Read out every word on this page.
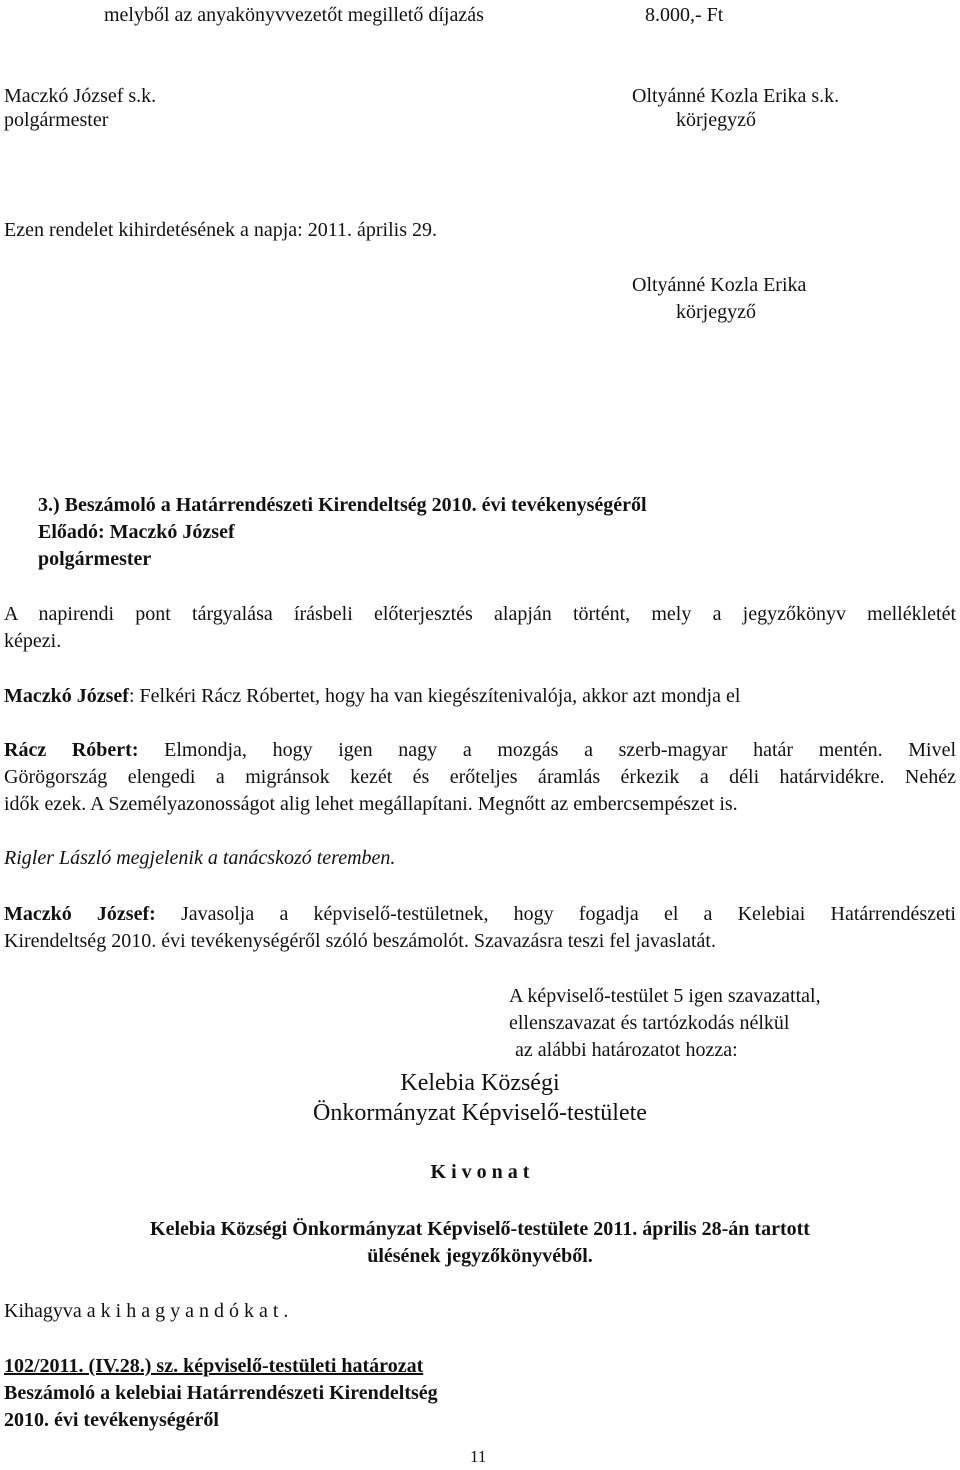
melyből az anyakönyvvezetőt megillető díjazás	8.000,- Ft
Maczkó József s.k.
polgármester
Oltyánné Kozla Erika s.k.
körjegyző
Ezen rendelet kihirdetésének a napja: 2011. április 29.
Oltyánné Kozla Erika
körjegyző
3.) Beszámoló a Határrendészeti Kirendeltség 2010. évi tevékenységéről
Előadó: Maczkó József
polgármester
A napirendi pont tárgyalása írásbeli előterjesztés alapján történt, mely a jegyzőkönyv mellékletét
képezi.
Maczkó József: Felkéri Rácz Róbertet, hogy ha van kiegészítenivalója, akkor azt mondja el
Rácz Róbert: Elmondja, hogy igen nagy a mozgás a szerb-magyar határ mentén. Mivel
Görögország elengedi a migránsok kezét és erőteljes áramlás érkezik a déli határvidékre. Nehéz
idők ezek. A Személyazonosságot alig lehet megállapítani. Megnőtt az embercsempészet is.
Rigler László megjelenik a tanácskozó teremben.
Maczkó József: Javasolja a képviselő-testületnek, hogy fogadja el a Kelebiai Határrendészeti
Kirendeltség 2010. évi tevékenységéről szóló beszámolót. Szavazásra teszi fel javaslatát.
A képviselő-testület 5 igen szavazattal,
ellenszavazat és tartózkodás nélkül
az alábbi határozatot hozza:
Kelebia Községi
Önkormányzat Képviselő-testülete
K i v o n a t
Kelebia Községi Önkormányzat Képviselő-testülete 2011. április 28-án tartott
ülésének jegyzőkönyvéből.
Kihagyva a k i h a g y a n d ó k a t .
102/2011. (IV.28.) sz. képviselő-testületi határozat
Beszámoló a kelebiai Határrendészeti Kirendeltség
2010. évi tevékenységéről
11
